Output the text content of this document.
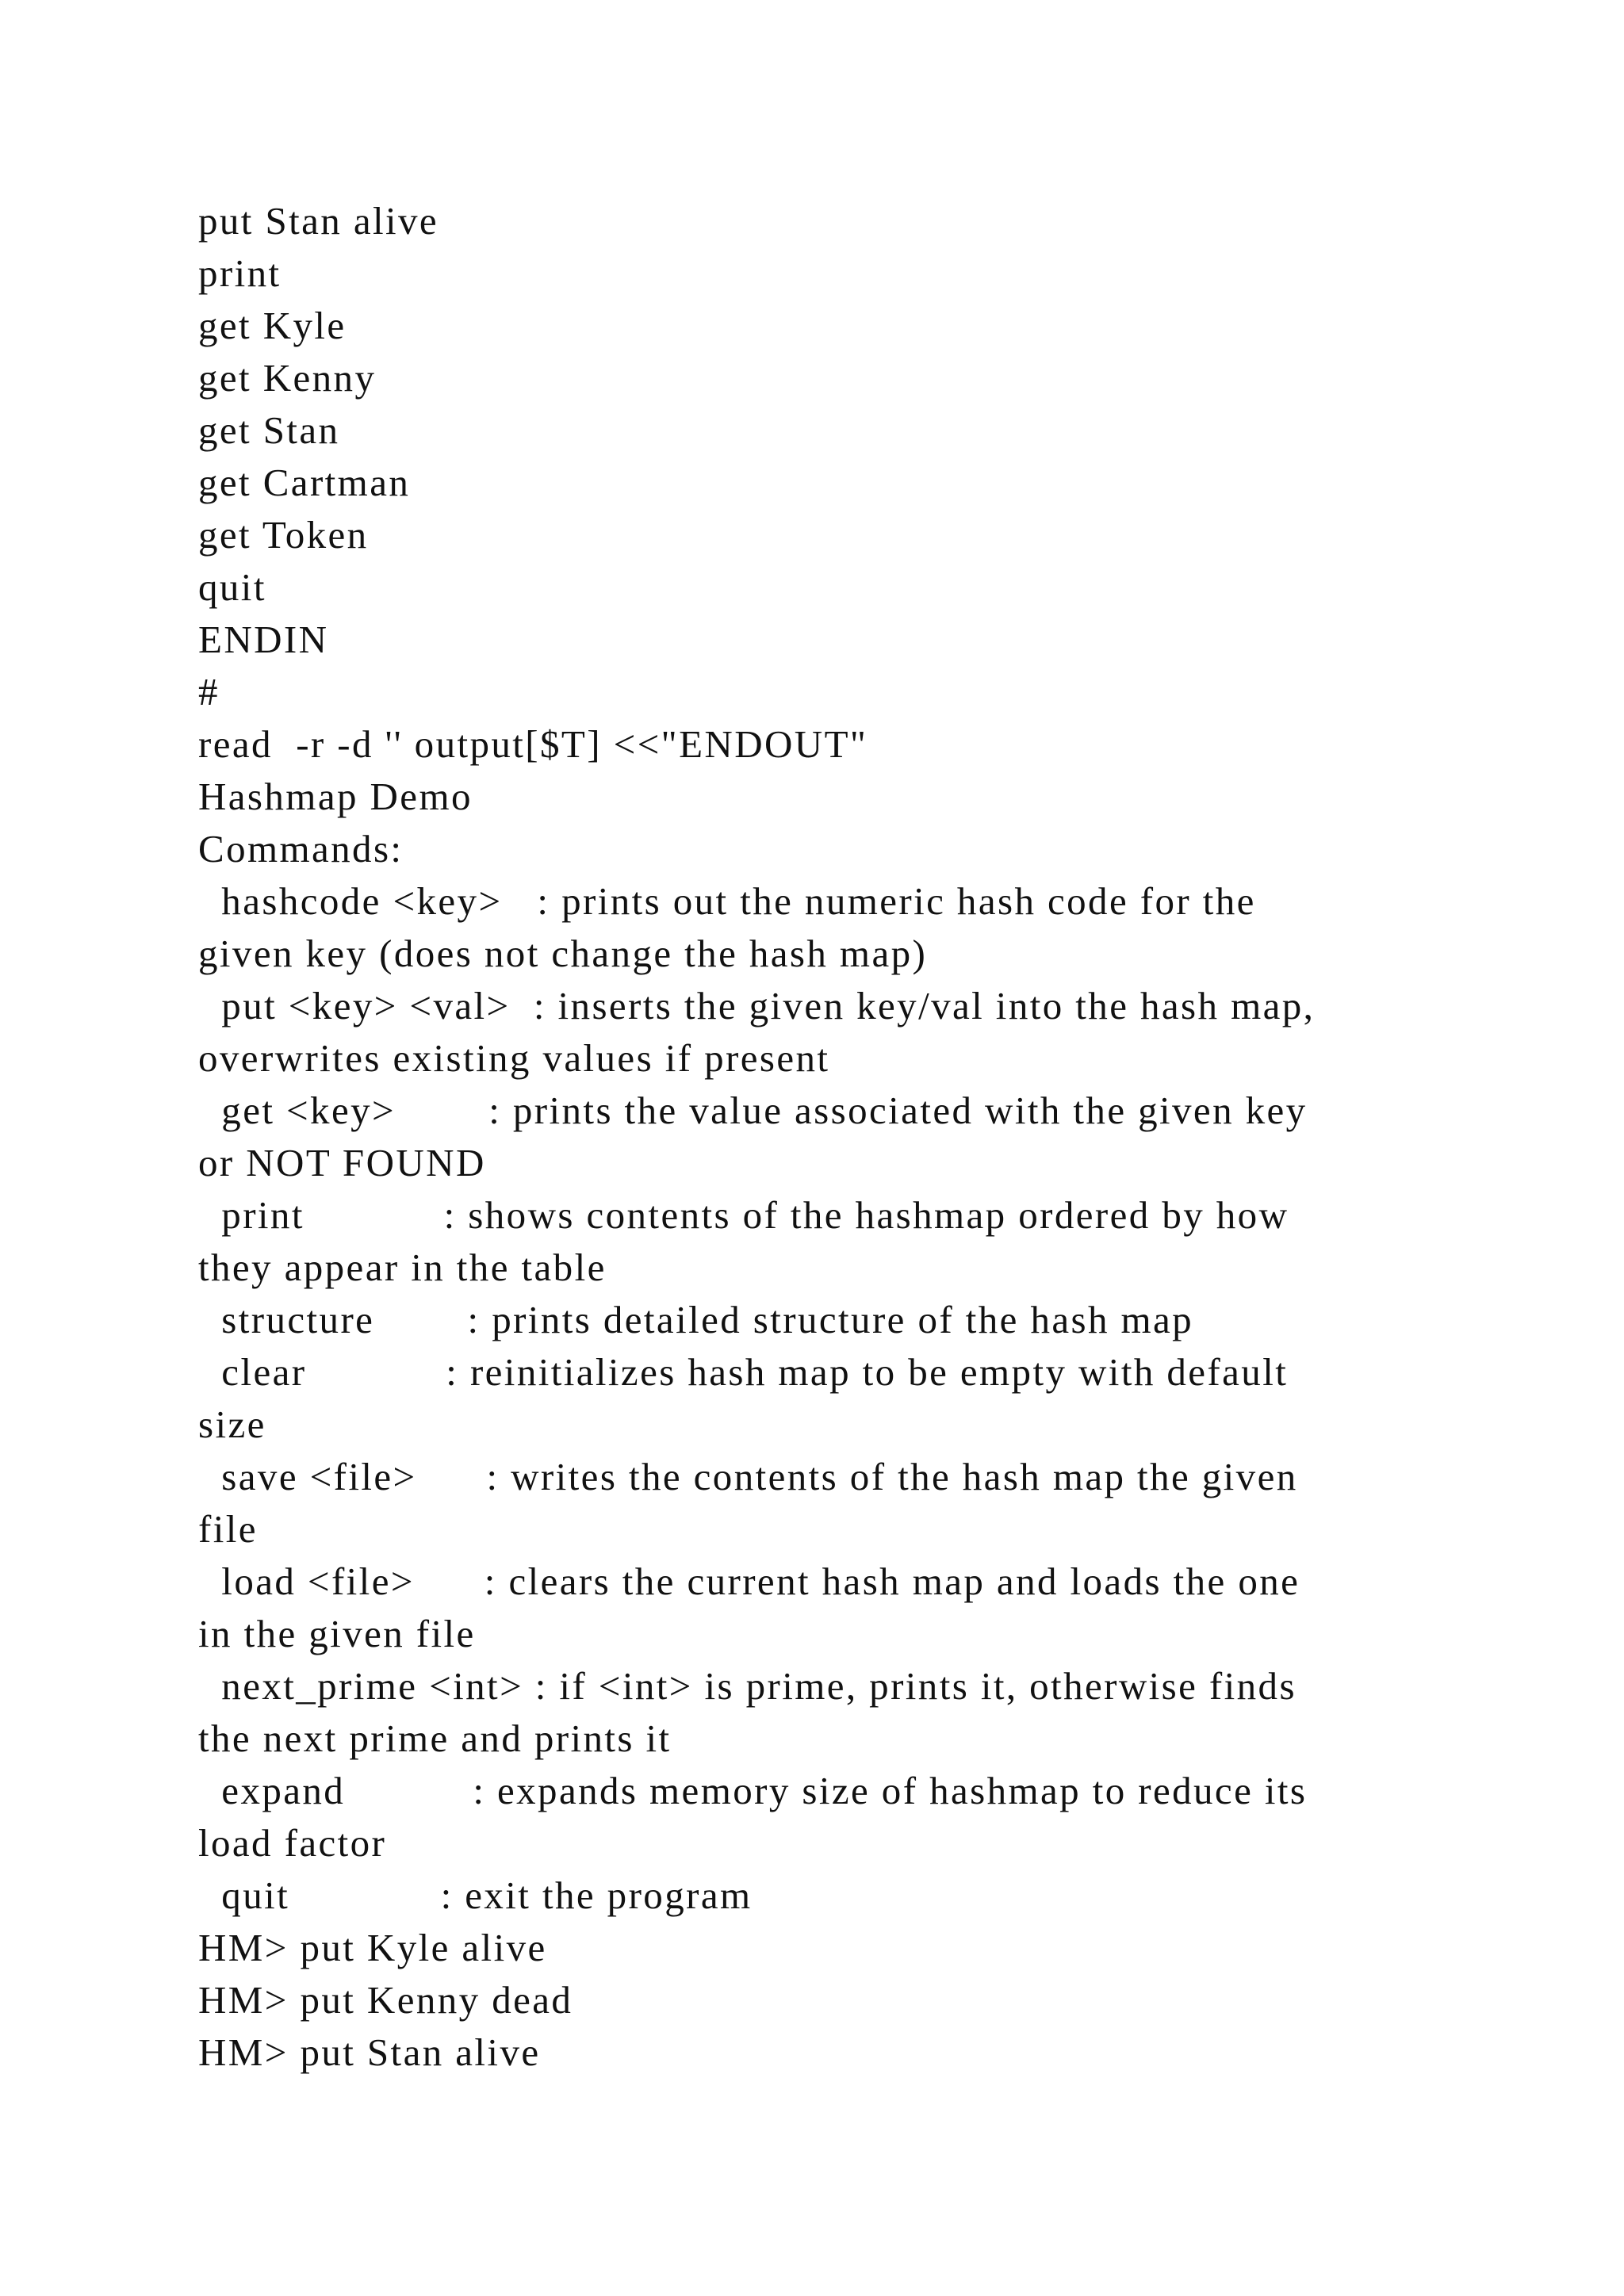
put Stan alive
print
get Kyle
get Kenny
get Stan
get Cartman
get Token
quit
ENDIN
#
read  -r -d '' output[$T] <<"ENDOUT"
Hashmap Demo
Commands:
hashcode <key>   : prints out the numeric hash code for the
given key (does not change the hash map)
put <key> <val>  : inserts the given key/val into the hash map,
overwrites existing values if present
get <key>        : prints the value associated with the given key
or NOT FOUND
print            : shows contents of the hashmap ordered by how
they appear in the table
structure        : prints detailed structure of the hash map
clear            : reinitializes hash map to be empty with default
size
save <file>      : writes the contents of the hash map the given
file
load <file>      : clears the current hash map and loads the one
in the given file
next_prime <int> : if <int> is prime, prints it, otherwise finds
the next prime and prints it
expand           : expands memory size of hashmap to reduce its
load factor
quit             : exit the program
HM> put Kyle alive
HM> put Kenny dead
HM> put Stan alive
